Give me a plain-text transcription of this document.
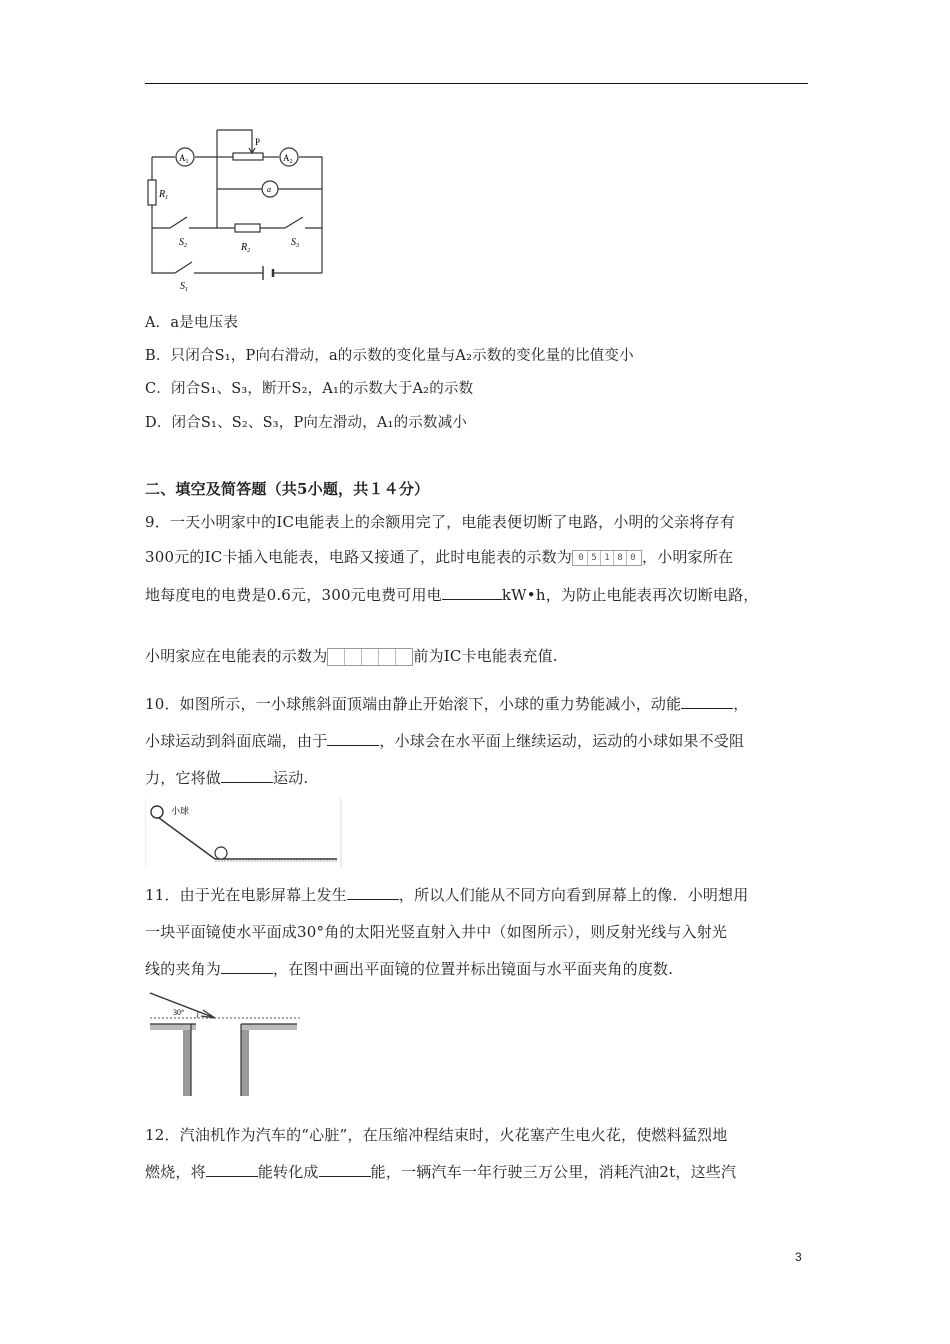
$A_1$	$A_2$
P
a
$R_1$
$R_2$
$S_2$	$S_3$
$S_1$
A．a是电压表
B．只闭合S₁，P向右滑动，a的示数的变化量与A₂示数的变化量的比值变小
C．闭合S₁、S₃，断开S₂，A₁的示数大于A₂的示数
D．闭合S₁、S₂、S₃，P向左滑动，A₁的示数减小
二、填空及简答题（共5小题，共１４分）
9．一天小明家中的IC电能表上的余额用完了，电能表便切断了电路，小明的父亲将存有
300元的IC卡插入电能表，电路又接通了，此时电能表的示数为 0 5 1 8 0 ，小明家所在
地每度电的电费是0.6元，300元电费可用电	kW•h，为防止电能表再次切断电路，
小明家应在电能表的示数为	前为IC卡电能表充值.
10．如图所示，一小球熊斜面顶端由静止开始滚下，小球的重力势能减小，动能	，
小球运动到斜面底端，由于	，小球会在水平面上继续运动，运动的小球如果不受阻
力，它将做	运动.
小球
11．由于光在电影屏幕上发生	，所以人们能从不同方向看到屏幕上的像．小明想用
一块平面镜使水平面成30°角的太阳光竖直射入井中（如图所示），则反射光线与入射光
线的夹角为	，在图中画出平面镜的位置并标出镜面与水平面夹角的度数.
30°
12．汽油机作为汽车的“心脏”，在压缩冲程结束时，火花塞产生电火花，使燃料猛烈地
燃烧，将	能转化成	能，一辆汽车一年行驶三万公里，消耗汽油2t，这些汽
3
